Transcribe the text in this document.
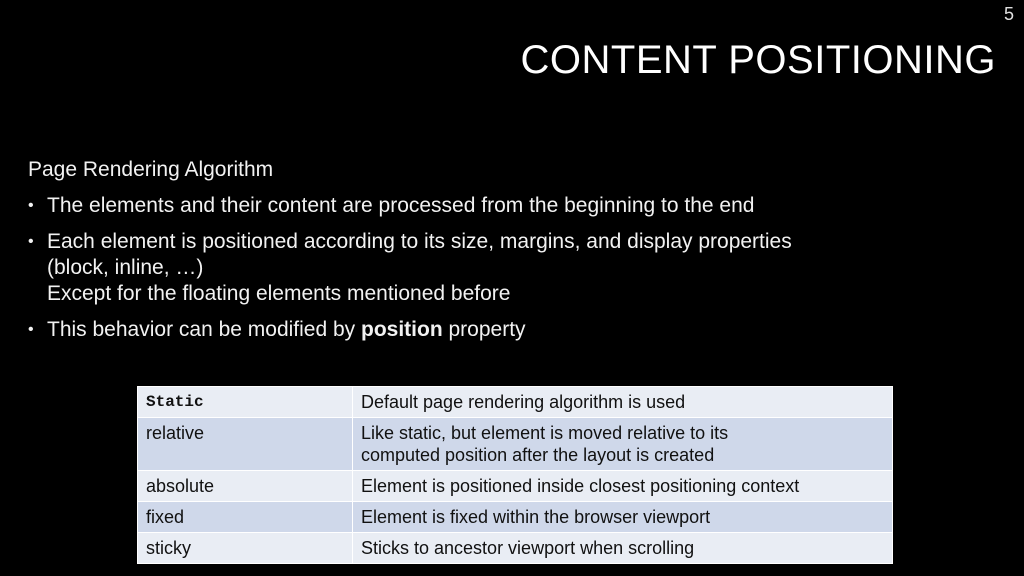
5
CONTENT POSITIONING
Page Rendering Algorithm
• The elements and their content are processed from the beginning to the end
• Each element is positioned according to its size, margins, and display properties
(block, inline, …)
Except for the floating elements mentioned before
• This behavior can be modified by position property
Static	Default page rendering algorithm is used
relative	Like static, but element is moved relative to its
computed position after the layout is created

absolute	Element is positioned inside closest positioning context
fixed	Element is fixed within the browser viewport
sticky	Sticks to ancestor viewport when scrolling
